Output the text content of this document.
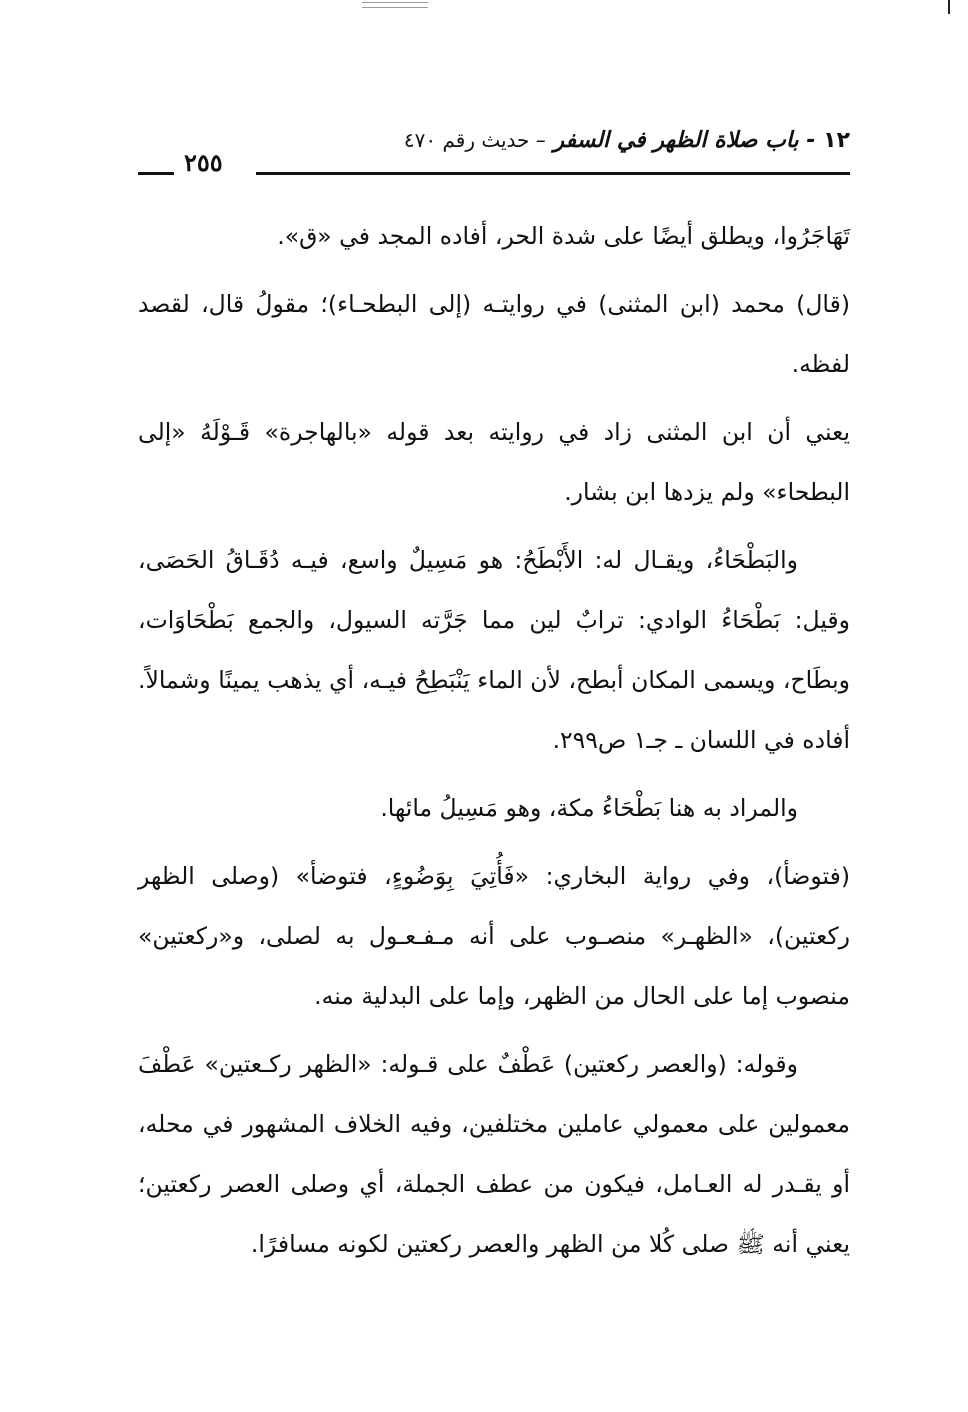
١٢ - باب صلاة الظهر في السفر – حديث رقم ٤٧٠
٢٥٥

تَهَاجَرُوا، ويطلق أيضًا على شدة الحر، أفاده المجد في «ق».

(قال) محمد (ابن المثنى) في روايتـه (إلى البطحـاء)؛ مقولُ قال، لقصد لفظه.

يعني أن ابن المثنى زاد في روايته بعد قوله «بالهاجرة» قَـوْلَهُ «إلى البطحاء» ولم يزدها ابن بشار.

والبَطْحَاءُ، ويقـال له: الأَبْطَحُ: هو مَسِيلٌ واسع، فيـه دُقَـاقُ الحَصَى، وقيل: بَطْحَاءُ الوادي: ترابٌ لين مما جَرَّته السيول، والجمع بَطْحَاوَات، وبطَاح، ويسمى المكان أبطح، لأن الماء يَنْبَطِحُ فيـه، أي يذهب يمينًا وشمالاً. أفاده في اللسان ـ جـ١ ص٢٩٩.

والمراد به هنا بَطْحَاءُ مكة، وهو مَسِيلُ مائها.

(فتوضأ)، وفي رواية البخاري: «فَأُتِيَ بِوَضُوءٍ، فتوضأ» (وصلى الظهر ركعتين)، «الظهـر» منصـوب على أنه مـفـعـول به لصلى، و«ركعتين» منصوب إما على الحال من الظهر، وإما على البدلية منه.

وقوله: (والعصر ركعتين) عَطْفٌ على قـوله: «الظهر ركـعتين» عَطْفَ معمولين على معمولي عاملين مختلفين، وفيه الخلاف المشهور في محله، أو يقـدر له العـامل، فيكون من عطف الجملة، أي وصلى العصر ركعتين؛ يعني أنه ﷺ صلى كُلا من الظهر والعصر ركعتين لكونه مسافرًا.
